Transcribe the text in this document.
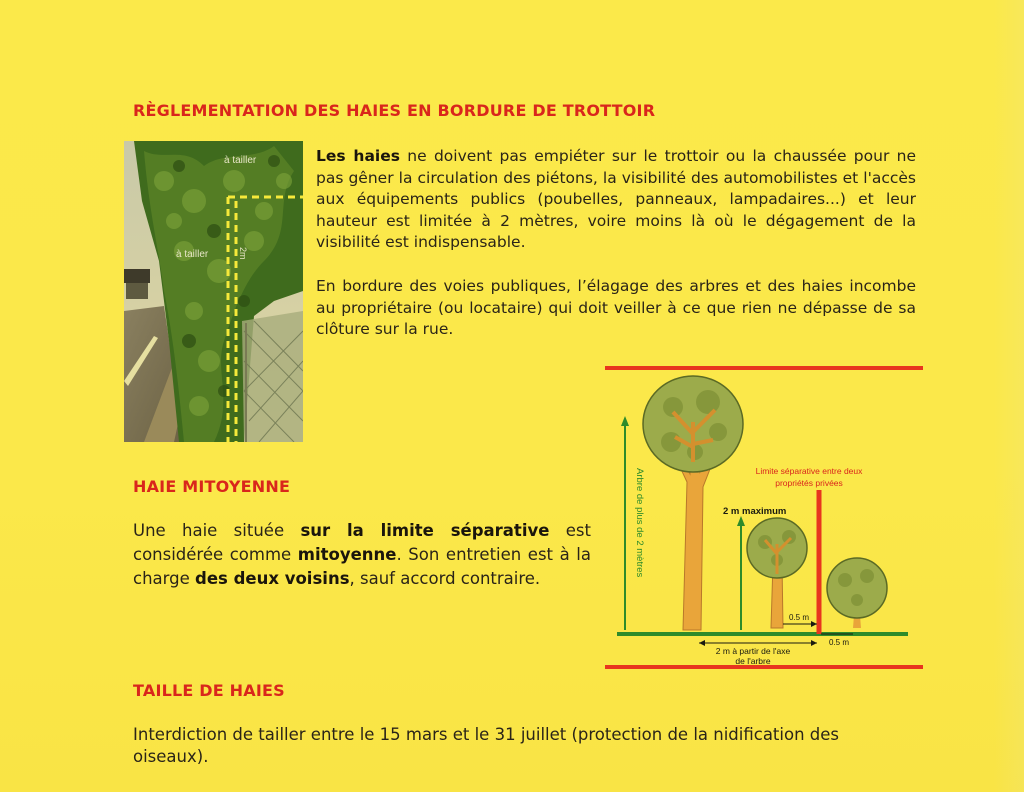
RÈGLEMENTATION DES HAIES EN BORDURE DE TROTTOIR
à tailler
à tailler	2m

Les haies ne doivent pas empiéter sur le trottoir ou la chaussée pour ne pas gêner la circulation des piétons, la visibilité des automobilistes et l'accès aux équipements publics (poubelles, panneaux, lampadaires...) et leur hauteur est limitée à 2 mètres, voire moins là où le dégagement de la visibilité est indispensable.

En bordure des voies publiques, l’élagage des arbres et des haies incombe au propriétaire (ou locataire) qui doit veiller à ce que rien ne dépasse de sa clôture sur la rue.

Arbre de plus de 2 mètres	2 m maximum
Limite séparative entre deux
propriétés privées
0.5 m
0.5 m
2 m à partir de l'axe
de l'arbre
HAIE MITOYENNE

Une haie située sur la limite séparative est considérée comme mitoyenne. Son entretien est à la charge des deux voisins, sauf accord contraire.

TAILLE DE HAIES

Interdiction de tailler entre le 15 mars et le 31 juillet (protection de la nidification des oiseaux).
